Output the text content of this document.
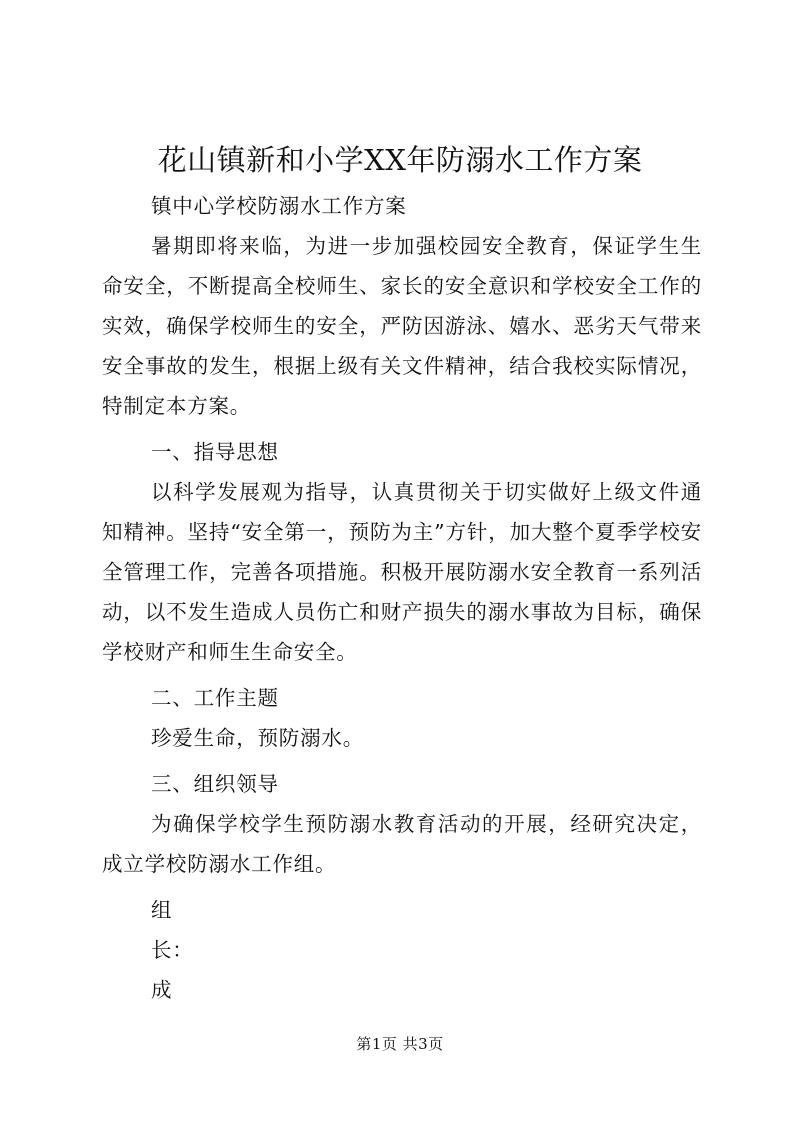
花山镇新和小学XX年防溺水工作方案

镇中心学校防溺水工作方案

暑期即将来临，为进一步加强校园安全教育，保证学生生命安全，不断提高全校师生、家长的安全意识和学校安全工作的实效，确保学校师生的安全，严防因游泳、嬉水、恶劣天气带来安全事故的发生，根据上级有关文件精神，结合我校实际情况，特制定本方案。

一、指导思想

以科学发展观为指导，认真贯彻关于切实做好上级文件通知精神。坚持“安全第一，预防为主”方针，加大整个夏季学校安全管理工作，完善各项措施。积极开展防溺水安全教育一系列活动，以不发生造成人员伤亡和财产损失的溺水事故为目标，确保学校财产和师生生命安全。

二、工作主题

珍爱生命，预防溺水。

三、组织领导

为确保学校学生预防溺水教育活动的开展，经研究决定，成立学校防溺水工作组。

组

长：

成

第1页 共3页
